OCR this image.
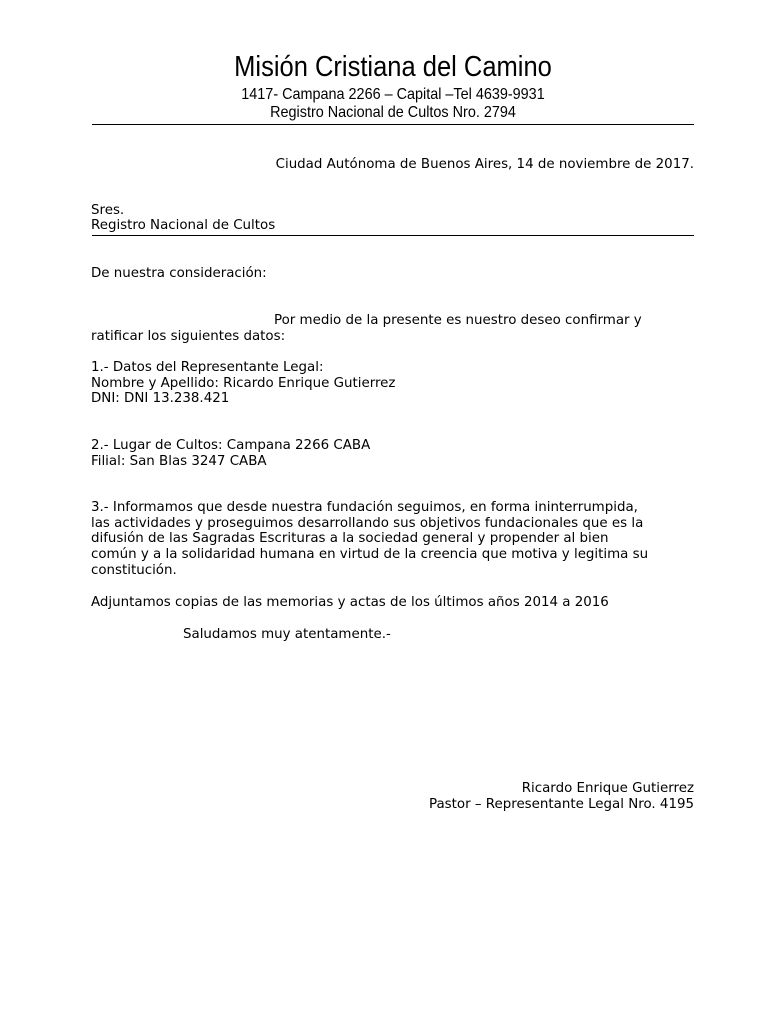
Misión Cristiana del Camino
1417- Campana 2266 – Capital –Tel 4639-9931
Registro Nacional de Cultos Nro. 2794
Ciudad Autónoma de Buenos Aires, 14 de noviembre de 2017.
Sres.
Registro Nacional de Cultos
De nuestra consideración:
Por medio de la presente es nuestro deseo confirmar y
ratificar los siguientes datos:
1.- Datos del Representante Legal:
Nombre y Apellido: Ricardo Enrique Gutierrez
DNI: DNI 13.238.421
2.- Lugar de Cultos: Campana 2266 CABA
Filial: San Blas 3247 CABA
3.- Informamos que desde nuestra fundación seguimos, en forma ininterrumpida,
las actividades y proseguimos desarrollando sus objetivos fundacionales que es la
difusión de las Sagradas Escrituras a la sociedad general y propender al bien
común y a la solidaridad humana en virtud de la creencia que motiva y legitima su
constitución.
Adjuntamos copias de las memorias y actas de los últimos años 2014 a 2016
Saludamos muy atentamente.-
Ricardo Enrique Gutierrez
Pastor – Representante Legal Nro. 4195
